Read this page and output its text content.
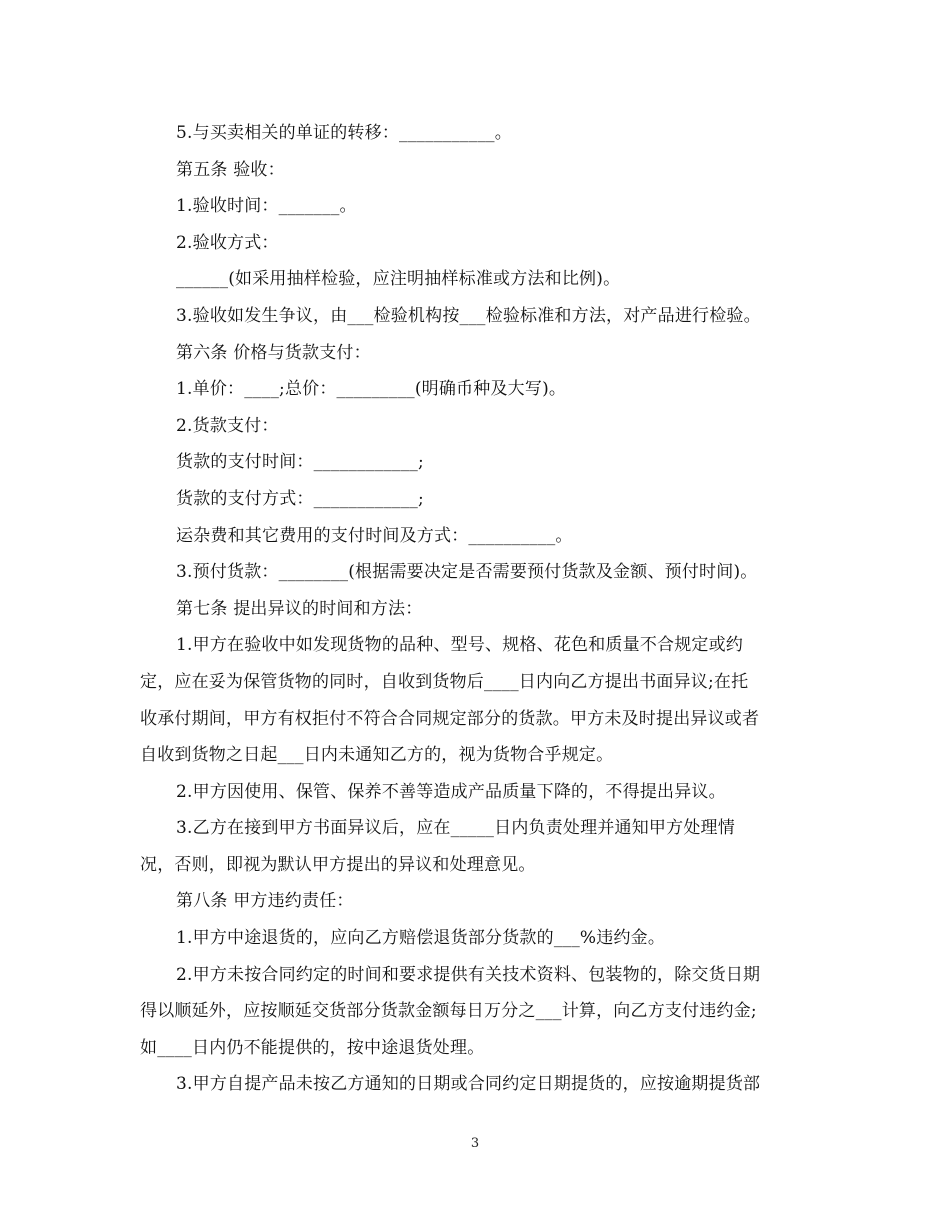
5.与买卖相关的单证的转移：___________。
第五条 验收：
1.验收时间：_______。
2.验收方式：
______(如采用抽样检验，应注明抽样标准或方法和比例)。
3.验收如发生争议，由___检验机构按___检验标准和方法，对产品进行检验。
第六条 价格与货款支付：
1.单价：____;总价：_________(明确币种及大写)。
2.货款支付：
货款的支付时间：____________;
货款的支付方式：____________;
运杂费和其它费用的支付时间及方式：__________。
3.预付货款：________(根据需要决定是否需要预付货款及金额、预付时间)。
第七条 提出异议的时间和方法：
1.甲方在验收中如发现货物的品种、型号、规格、花色和质量不合规定或约
定，应在妥为保管货物的同时，自收到货物后____日内向乙方提出书面异议;在托
收承付期间，甲方有权拒付不符合合同规定部分的货款。甲方未及时提出异议或者
自收到货物之日起___日内未通知乙方的，视为货物合乎规定。
2.甲方因使用、保管、保养不善等造成产品质量下降的，不得提出异议。
3.乙方在接到甲方书面异议后，应在_____日内负责处理并通知甲方处理情
况，否则，即视为默认甲方提出的异议和处理意见。
第八条 甲方违约责任：
1.甲方中途退货的，应向乙方赔偿退货部分货款的___%违约金。
2.甲方未按合同约定的时间和要求提供有关技术资料、包装物的，除交货日期
得以顺延外，应按顺延交货部分货款金额每日万分之___计算，向乙方支付违约金;
如____日内仍不能提供的，按中途退货处理。
3.甲方自提产品未按乙方通知的日期或合同约定日期提货的，应按逾期提货部
3
